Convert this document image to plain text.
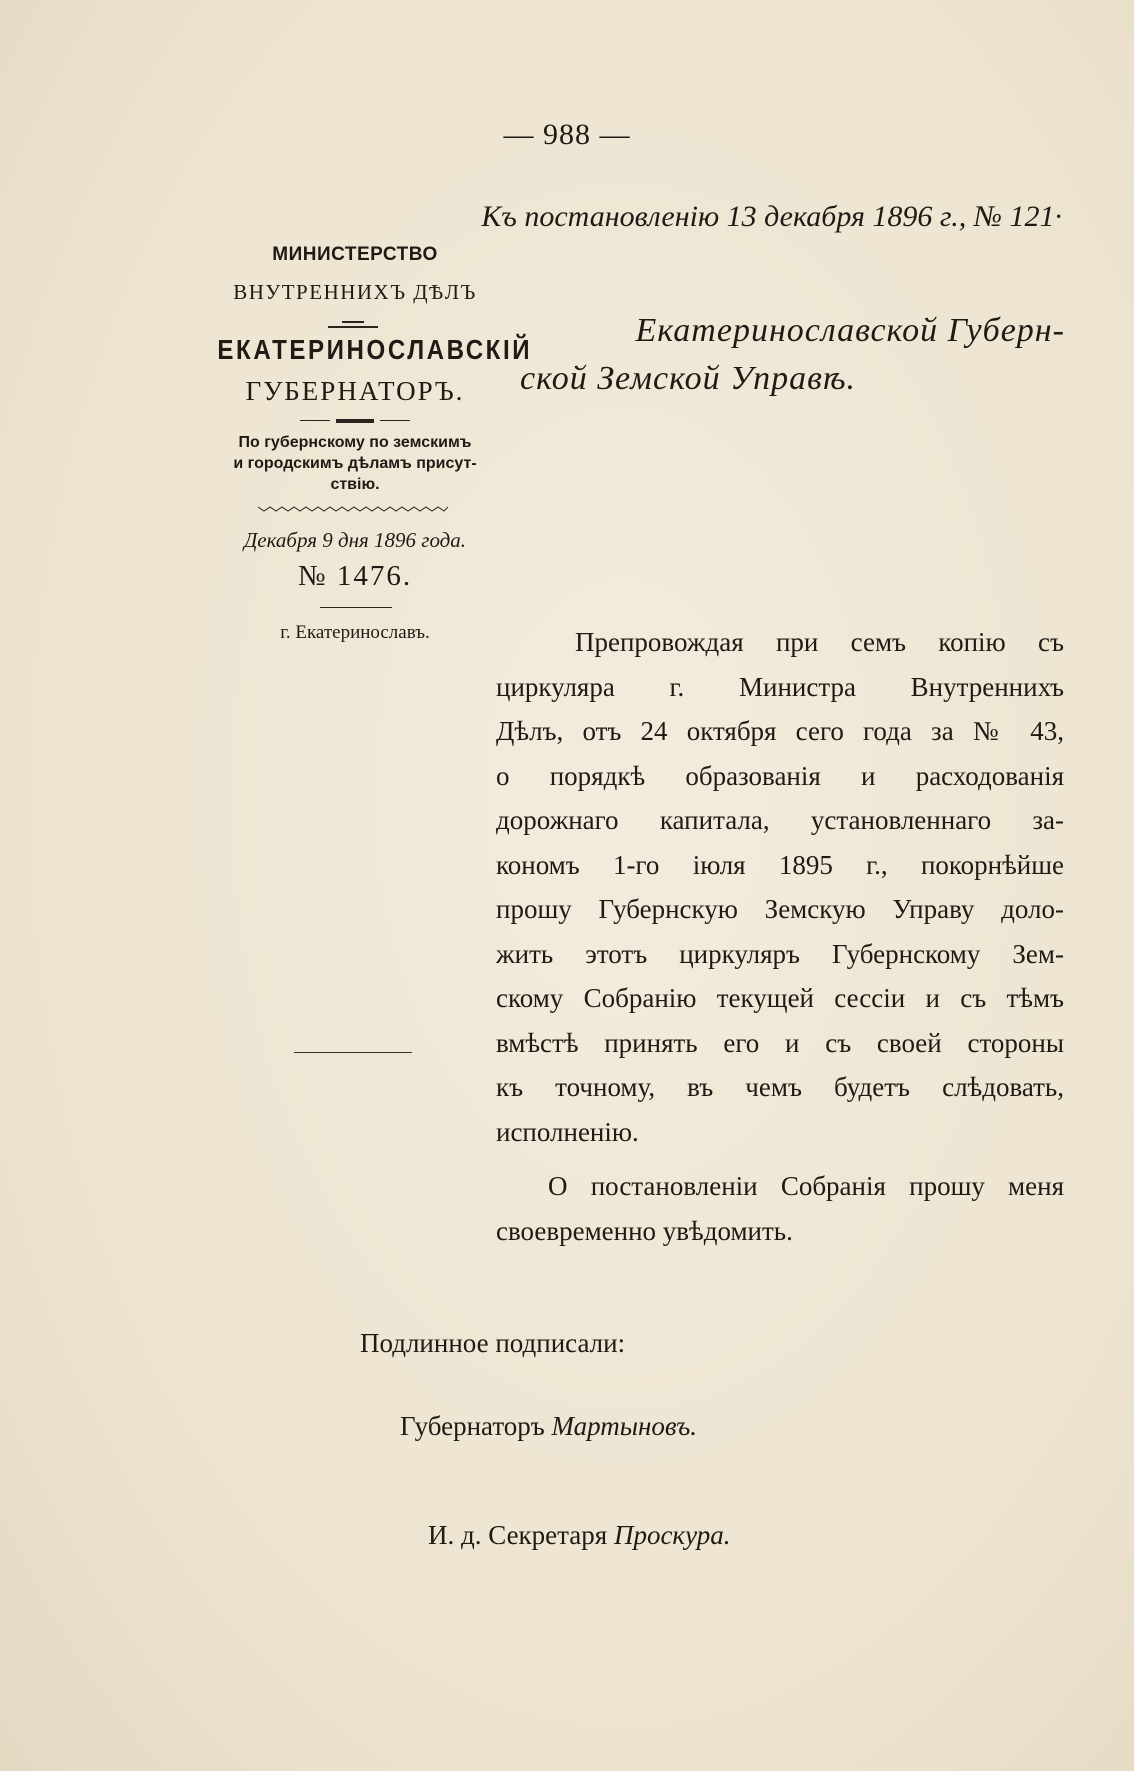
— 988 —
Къ постановленію 13 декабря 1896 г., № 121·
МИНИСТЕРСТВО
ВНУТРЕННИХЪ ДѢЛЪ
ЕКАТЕРИНОСЛАВСКІЙ
ГУБЕРНАТОРЪ.
По губернскому по земскимъ
и городскимъ дѣламъ присут-
ствію.
Декабря 9 дня 1896 года.
№ 1476.
г. Екатеринославъ.
Екатеринославской Губерн-
ской Земской Управѣ.
Препровождая при семъ копію съ
циркуляра г. Министра Внутреннихъ
Дѣлъ, отъ 24 октября сего года за № 43,
о порядкѣ образованія и расходованія
дорожнаго капитала, установленнаго за-
кономъ 1-го іюля 1895 г., покорнѣйше
прошу Губернскую Земскую Управу доло-
жить этотъ циркуляръ Губернскому Зем-
скому Собранію текущей сессіи и съ тѣмъ
вмѣстѣ принять его и съ своей стороны
къ точному, въ чемъ будетъ слѣдовать,
исполненію.
О постановленіи Собранія прошу меня
своевременно увѣдомить.
Подлинное подписали:
Губернаторъ Мартыновъ.
И. д. Секретаря Проскура.
